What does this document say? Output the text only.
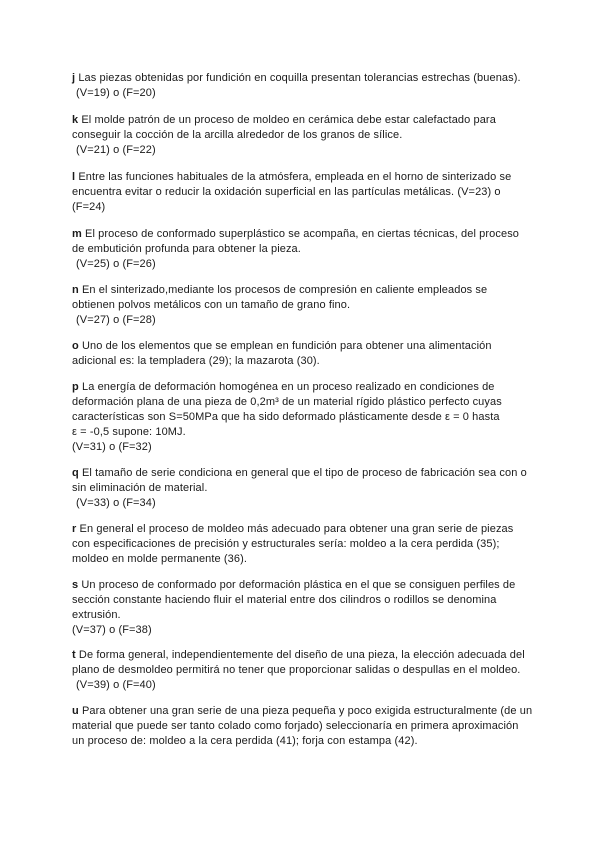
j Las piezas obtenidas por fundición en coquilla presentan tolerancias estrechas (buenas).
(V=19) o (F=20)
k El molde patrón de un proceso de moldeo en cerámica debe estar calefactado para
conseguir la cocción de la arcilla alrededor de los granos de sílice.
(V=21) o (F=22)
l Entre las funciones habituales de la atmósfera, empleada en el horno de sinterizado se
encuentra evitar o reducir la oxidación superficial en las partículas metálicas. (V=23) o
(F=24)
m El proceso de conformado superplástico se acompaña, en ciertas técnicas, del proceso
de embutición profunda para obtener la pieza.
(V=25) o (F=26)
n En el sinterizado,mediante los procesos de compresión en caliente empleados se
obtienen polvos metálicos con un tamaño de grano fino.
(V=27) o (F=28)
o Uno de los elementos que se emplean en fundición para obtener una alimentación
adicional es: la templadera (29); la mazarota (30).
p La energía de deformación homogénea en un proceso realizado en condiciones de
deformación plana de una pieza de 0,2m³ de un material rígido plástico perfecto cuyas
características son S=50MPa que ha sido deformado plásticamente desde ε = 0 hasta
ε = -0,5 supone: 10MJ.
(V=31) o (F=32)
q El tamaño de serie condiciona en general que el tipo de proceso de fabricación sea con o
sin eliminación de material.
(V=33) o (F=34)
r En general el proceso de moldeo más adecuado para obtener una gran serie de piezas
con especificaciones de precisión y estructurales sería: moldeo a la cera perdida (35);
moldeo en molde permanente (36).
s Un proceso de conformado por deformación plástica en el que se consiguen perfiles de
sección constante haciendo fluir el material entre dos cilindros o rodillos se denomina
extrusión.
(V=37) o (F=38)
t De forma general, independientemente del diseño de una pieza, la elección adecuada del
plano de desmoldeo permitirá no tener que proporcionar salidas o despullas en el moldeo.
(V=39) o (F=40)
u Para obtener una gran serie de una pieza pequeña y poco exigida estructuralmente (de un
material que puede ser tanto colado como forjado) seleccionaría en primera aproximación
un proceso de: moldeo a la cera perdida (41); forja con estampa (42).
